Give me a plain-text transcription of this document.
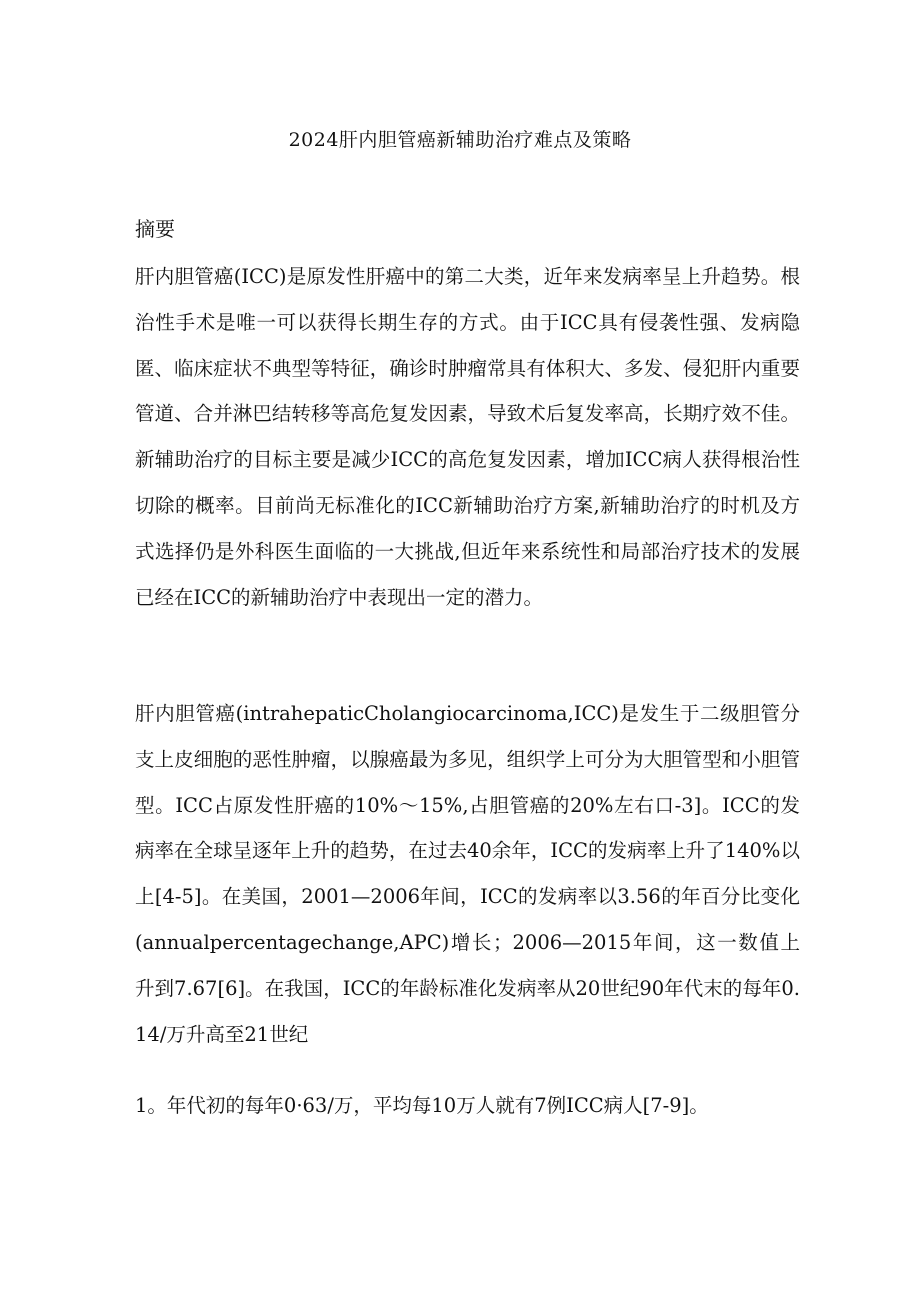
2024肝内胆管癌新辅助治疗难点及策略
摘要

肝内胆管癌(ICC)是原发性肝癌中的第二大类，近年来发病率呈上升趋势。根治性手术是唯一可以获得长期生存的方式。由于ICC具有侵袭性强、发病隐匿、临床症状不典型等特征，确诊时肿瘤常具有体积大、多发、侵犯肝内重要管道、合并淋巴结转移等高危复发因素，导致术后复发率高，长期疗效不佳。新辅助治疗的目标主要是减少ICC的高危复发因素，增加ICC病人获得根治性切除的概率。目前尚无标准化的ICC新辅助治疗方案,新辅助治疗的时机及方式选择仍是外科医生面临的一大挑战,但近年来系统性和局部治疗技术的发展已经在ICC的新辅助治疗中表现出一定的潜力。

肝内胆管癌(intrahepaticCholangiocarcinoma,ICC)是发生于二级胆管分支上皮细胞的恶性肿瘤，以腺癌最为多见，组织学上可分为大胆管型和小胆管型。ICC占原发性肝癌的10%～15%,占胆管癌的20%左右口-3]。ICC的发病率在全球呈逐年上升的趋势，在过去40余年，ICC的发病率上升了140%以上[4-5]。在美国，2001—2006年间，ICC的发病率以3.56的年百分比变化(annualpercentagechange,APC)增长；2006—2015年间，这一数值上升到7.67[6]。在我国，ICC的年龄标准化发病率从20世纪90年代末的每年0.14/万升高至21世纪

1。年代初的每年0·63/万，平均每10万人就有7例ICC病人[7-9]。
